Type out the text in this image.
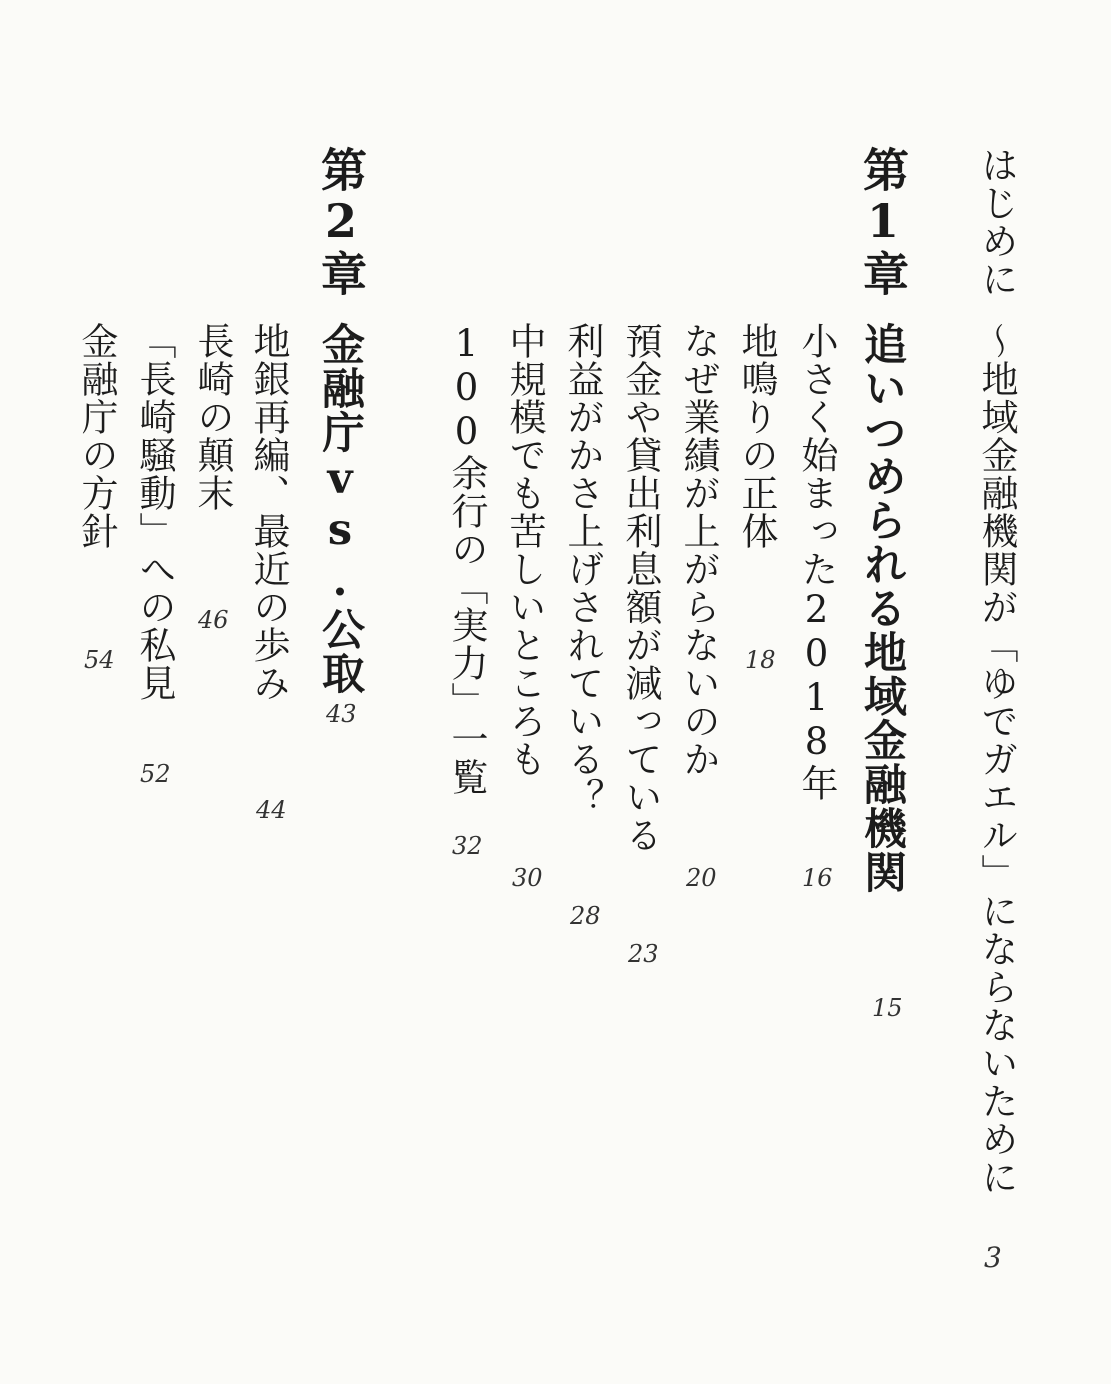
はじめに
～地域金融機関が「ゆでガエル」にならないために
3
第1章
追いつめられる地域金融機関
15
小さく始まった2018年
16
地鳴りの正体
18
なぜ業績が上がらないのか
20
預金や貸出利息額が減っている
23
利益がかさ上げされている？
28
中規模でも苦しいところも
30
100余行の「実力」一覧
32
第2章
金融庁vs.公取
43
地銀再編、最近の歩み
44
長崎の顛末
46
「長崎騒動」への私見
52
金融庁の方針
54
